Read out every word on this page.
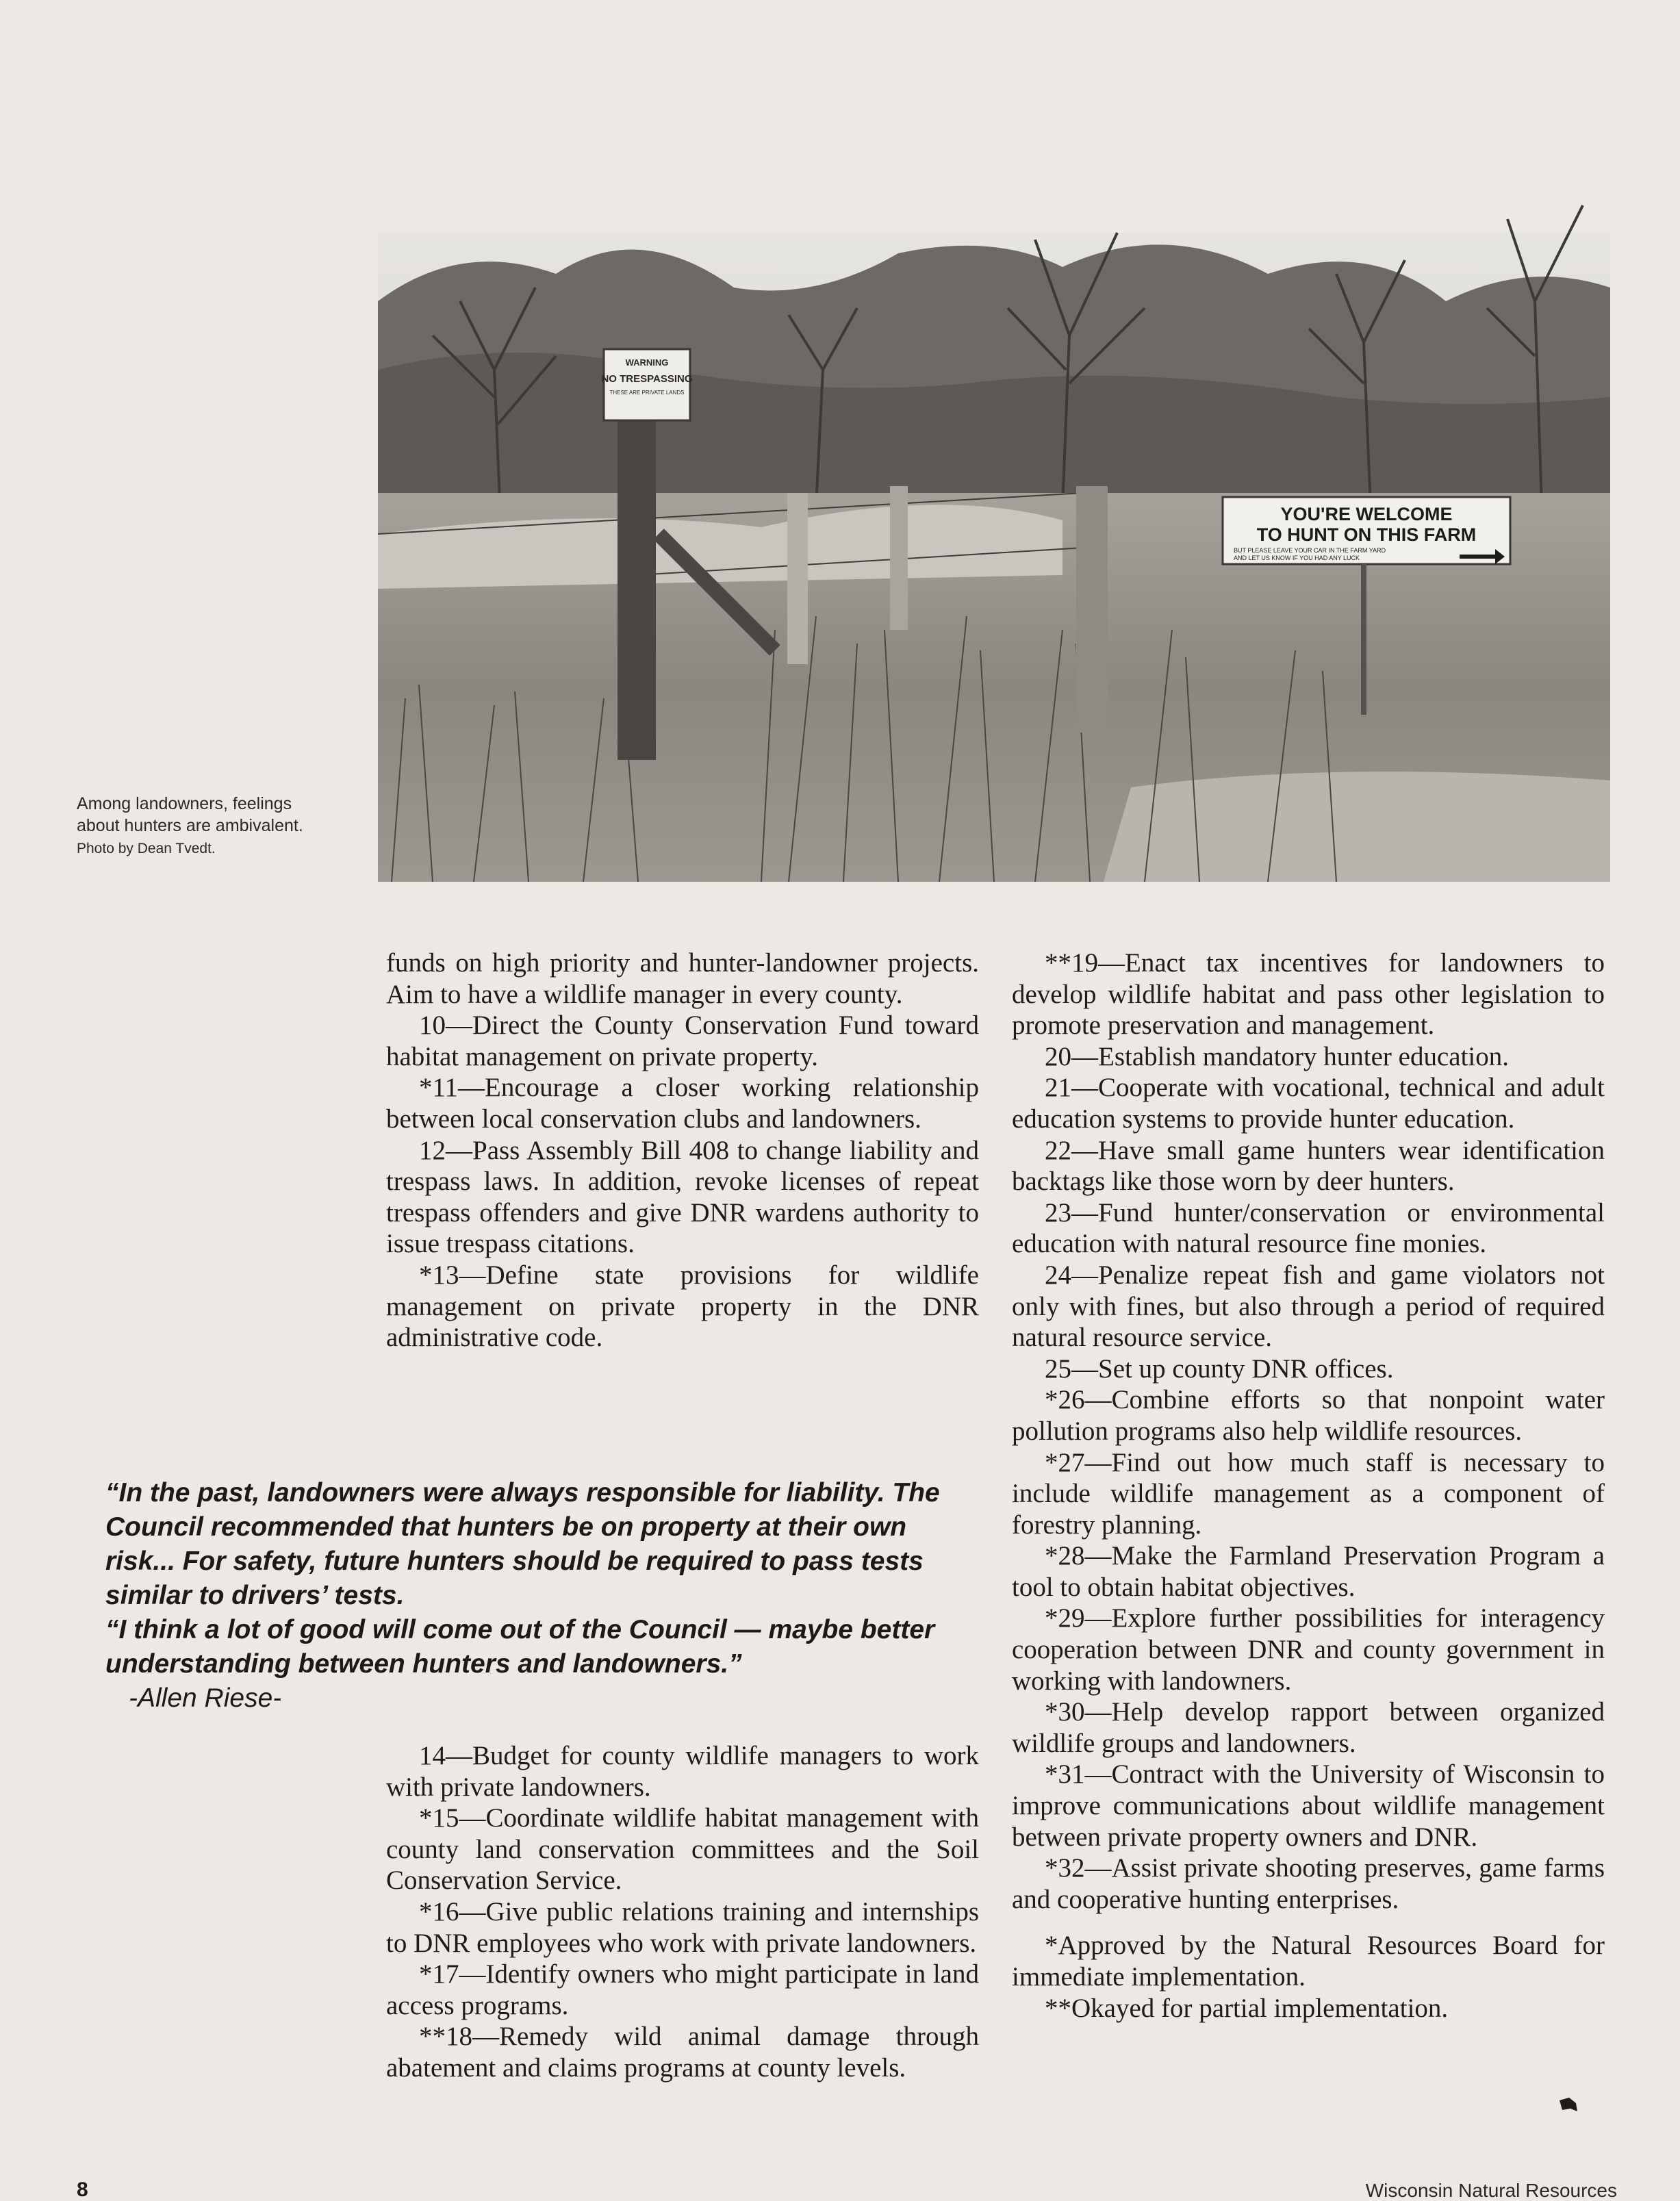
WARNING
NO TRESPASSING
THESE ARE PRIVATE LANDS
YOU'RE WELCOME
TO HUNT ON THIS FARM
BUT PLEASE LEAVE YOUR CAR IN THE FARM YARD
AND LET US KNOW IF YOU HAD ANY LUCK
Among landowners, feelings about hunters are ambivalent. Photo by Dean Tvedt.

funds on high priority and hunter-landowner projects. Aim to have a wildlife manager in every county.

10—Direct the County Conservation Fund toward habitat management on private property.

*11—Encourage a closer working relationship between local conservation clubs and landowners.

12—Pass Assembly Bill 408 to change liability and trespass laws. In addition, revoke licenses of repeat trespass offenders and give DNR wardens authority to issue trespass citations.

*13—Define state provisions for wildlife management on private property in the DNR administrative code.

“In the past, landowners were always responsible for liability. The Council recommended that hunters be on property at their own risk... For safety, future hunters should be required to pass tests similar to drivers’ tests.

“I think a lot of good will come out of the Council — maybe better understanding between hunters and landowners.”

-Allen Riese-

14—Budget for county wildlife managers to work with private landowners.

*15—Coordinate wildlife habitat management with county land conservation committees and the Soil Conservation Service.

*16—Give public relations training and internships to DNR employees who work with private landowners.

*17—Identify owners who might participate in land access programs.

**18—Remedy wild animal damage through abatement and claims programs at county levels.

**19—Enact tax incentives for landowners to develop wildlife habitat and pass other legislation to promote preservation and management.

20—Establish mandatory hunter education.

21—Cooperate with vocational, technical and adult education systems to provide hunter education.

22—Have small game hunters wear identification backtags like those worn by deer hunters.

23—Fund hunter/conservation or environmental education with natural resource fine monies.

24—Penalize repeat fish and game violators not only with fines, but also through a period of required natural resource service.

25—Set up county DNR offices.

*26—Combine efforts so that nonpoint water pollution programs also help wildlife resources.

*27—Find out how much staff is necessary to include wildlife management as a component of forestry planning.

*28—Make the Farmland Preservation Program a tool to obtain habitat objectives.

*29—Explore further possibilities for interagency cooperation between DNR and county government in working with landowners.

*30—Help develop rapport between organized wildlife groups and landowners.

*31—Contract with the University of Wisconsin to improve communications about wildlife management between private property owners and DNR.

*32—Assist private shooting preserves, game farms and cooperative hunting enterprises.

*Approved by the Natural Resources Board for immediate implementation.

**Okayed for partial implementation.

8	Wisconsin Natural Resources
